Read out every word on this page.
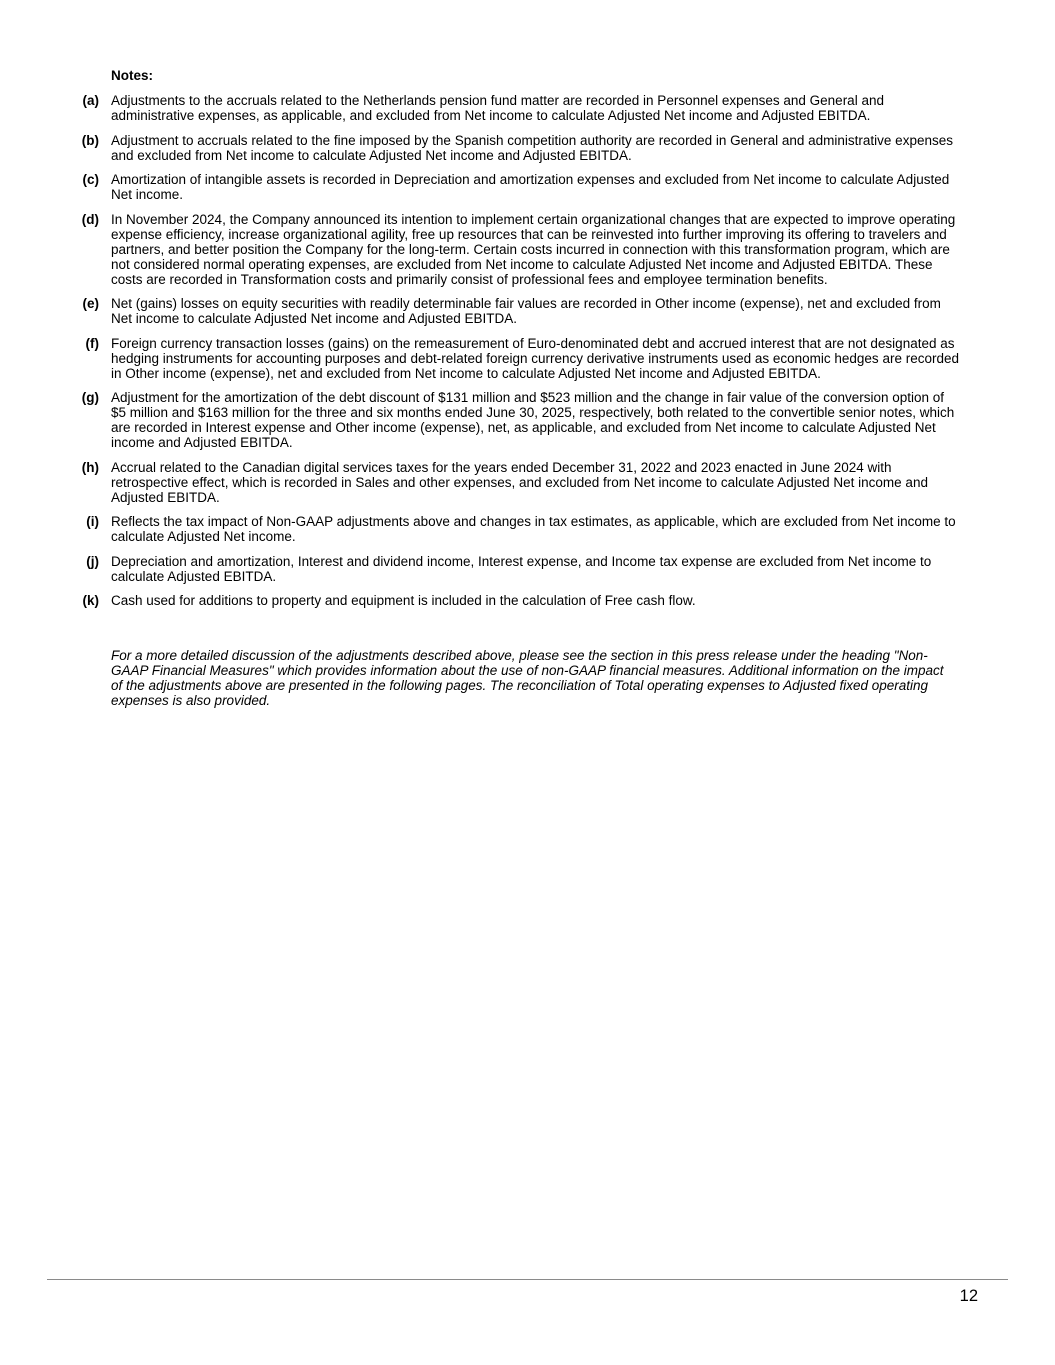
Notes:
(a) Adjustments to the accruals related to the Netherlands pension fund matter are recorded in Personnel expenses and General and administrative expenses, as applicable, and excluded from Net income to calculate Adjusted Net income and Adjusted EBITDA.
(b) Adjustment to accruals related to the fine imposed by the Spanish competition authority are recorded in General and administrative expenses and excluded from Net income to calculate Adjusted Net income and Adjusted EBITDA.
(c) Amortization of intangible assets is recorded in Depreciation and amortization expenses and excluded from Net income to calculate Adjusted Net income.
(d) In November 2024, the Company announced its intention to implement certain organizational changes that are expected to improve operating expense efficiency, increase organizational agility, free up resources that can be reinvested into further improving its offering to travelers and partners, and better position the Company for the long-term. Certain costs incurred in connection with this transformation program, which are not considered normal operating expenses, are excluded from Net income to calculate Adjusted Net income and Adjusted EBITDA. These costs are recorded in Transformation costs and primarily consist of professional fees and employee termination benefits.
(e) Net (gains) losses on equity securities with readily determinable fair values are recorded in Other income (expense), net and excluded from Net income to calculate Adjusted Net income and Adjusted EBITDA.
(f) Foreign currency transaction losses (gains) on the remeasurement of Euro-denominated debt and accrued interest that are not designated as hedging instruments for accounting purposes and debt-related foreign currency derivative instruments used as economic hedges are recorded in Other income (expense), net and excluded from Net income to calculate Adjusted Net income and Adjusted EBITDA.
(g) Adjustment for the amortization of the debt discount of $131 million and $523 million and the change in fair value of the conversion option of $5 million and $163 million for the three and six months ended June 30, 2025, respectively, both related to the convertible senior notes, which are recorded in Interest expense and Other income (expense), net, as applicable, and excluded from Net income to calculate Adjusted Net income and Adjusted EBITDA.
(h) Accrual related to the Canadian digital services taxes for the years ended December 31, 2022 and 2023 enacted in June 2024 with retrospective effect, which is recorded in Sales and other expenses, and excluded from Net income to calculate Adjusted Net income and Adjusted EBITDA.
(i) Reflects the tax impact of Non-GAAP adjustments above and changes in tax estimates, as applicable, which are excluded from Net income to calculate Adjusted Net income.
(j) Depreciation and amortization, Interest and dividend income, Interest expense, and Income tax expense are excluded from Net income to calculate Adjusted EBITDA.
(k) Cash used for additions to property and equipment is included in the calculation of Free cash flow.

For a more detailed discussion of the adjustments described above, please see the section in this press release under the heading "Non-GAAP Financial Measures" which provides information about the use of non-GAAP financial measures. Additional information on the impact of the adjustments above are presented in the following pages. The reconciliation of Total operating expenses to Adjusted fixed operating expenses is also provided.

12
